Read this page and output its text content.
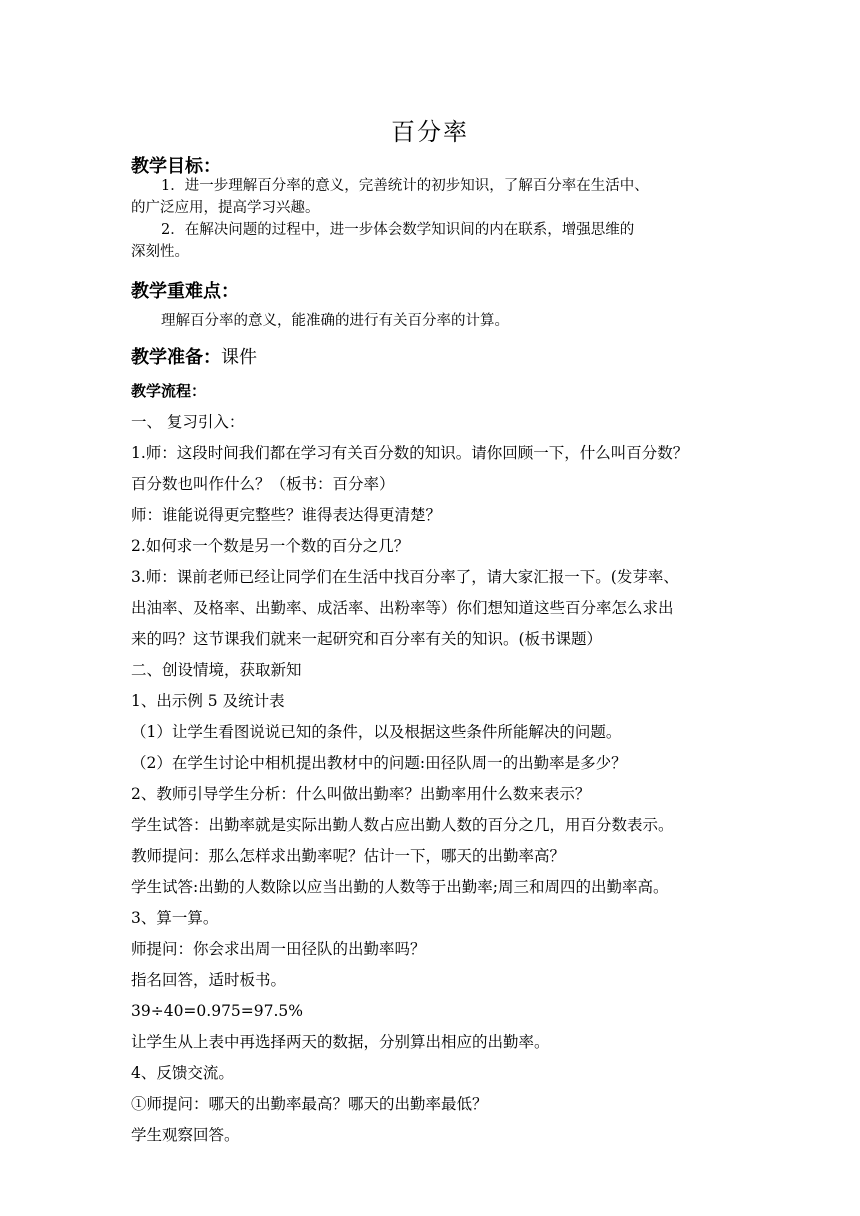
百分率
教学目标：
1．进一步理解百分率的意义，完善统计的初步知识，了解百分率在生活中、
的广泛应用，提高学习兴趣。
2．在解决问题的过程中，进一步体会数学知识间的内在联系，增强思维的
深刻性。
教学重难点：
理解百分率的意义，能准确的进行有关百分率的计算。
教学准备：课件
教学流程：
一、 复习引入：
1.师：这段时间我们都在学习有关百分数的知识。请你回顾一下，什么叫百分数？
百分数也叫作什么？（板书：百分率）
师：谁能说得更完整些？谁得表达得更清楚？
2.如何求一个数是另一个数的百分之几？
3.师：课前老师已经让同学们在生活中找百分率了，请大家汇报一下。(发芽率、
出油率、及格率、出勤率、成活率、出粉率等）你们想知道这些百分率怎么求出
来的吗？这节课我们就来一起研究和百分率有关的知识。(板书课题）
二、创设情境，获取新知
1、出示例 5 及统计表
（1）让学生看图说说已知的条件，以及根据这些条件所能解决的问题。
（2）在学生讨论中相机提出教材中的问题:田径队周一的出勤率是多少？
2、教师引导学生分析：什么叫做出勤率？出勤率用什么数来表示？
学生试答：出勤率就是实际出勤人数占应出勤人数的百分之几，用百分数表示。
教师提问：那么怎样求出勤率呢？估计一下，哪天的出勤率高？
学生试答:出勤的人数除以应当出勤的人数等于出勤率;周三和周四的出勤率高。
3、算一算。
师提问：你会求出周一田径队的出勤率吗？
指名回答，适时板书。
39÷40=0.975=97.5%
让学生从上表中再选择两天的数据，分别算出相应的出勤率。
4、反馈交流。
①师提问：哪天的出勤率最高？哪天的出勤率最低？
学生观察回答。
